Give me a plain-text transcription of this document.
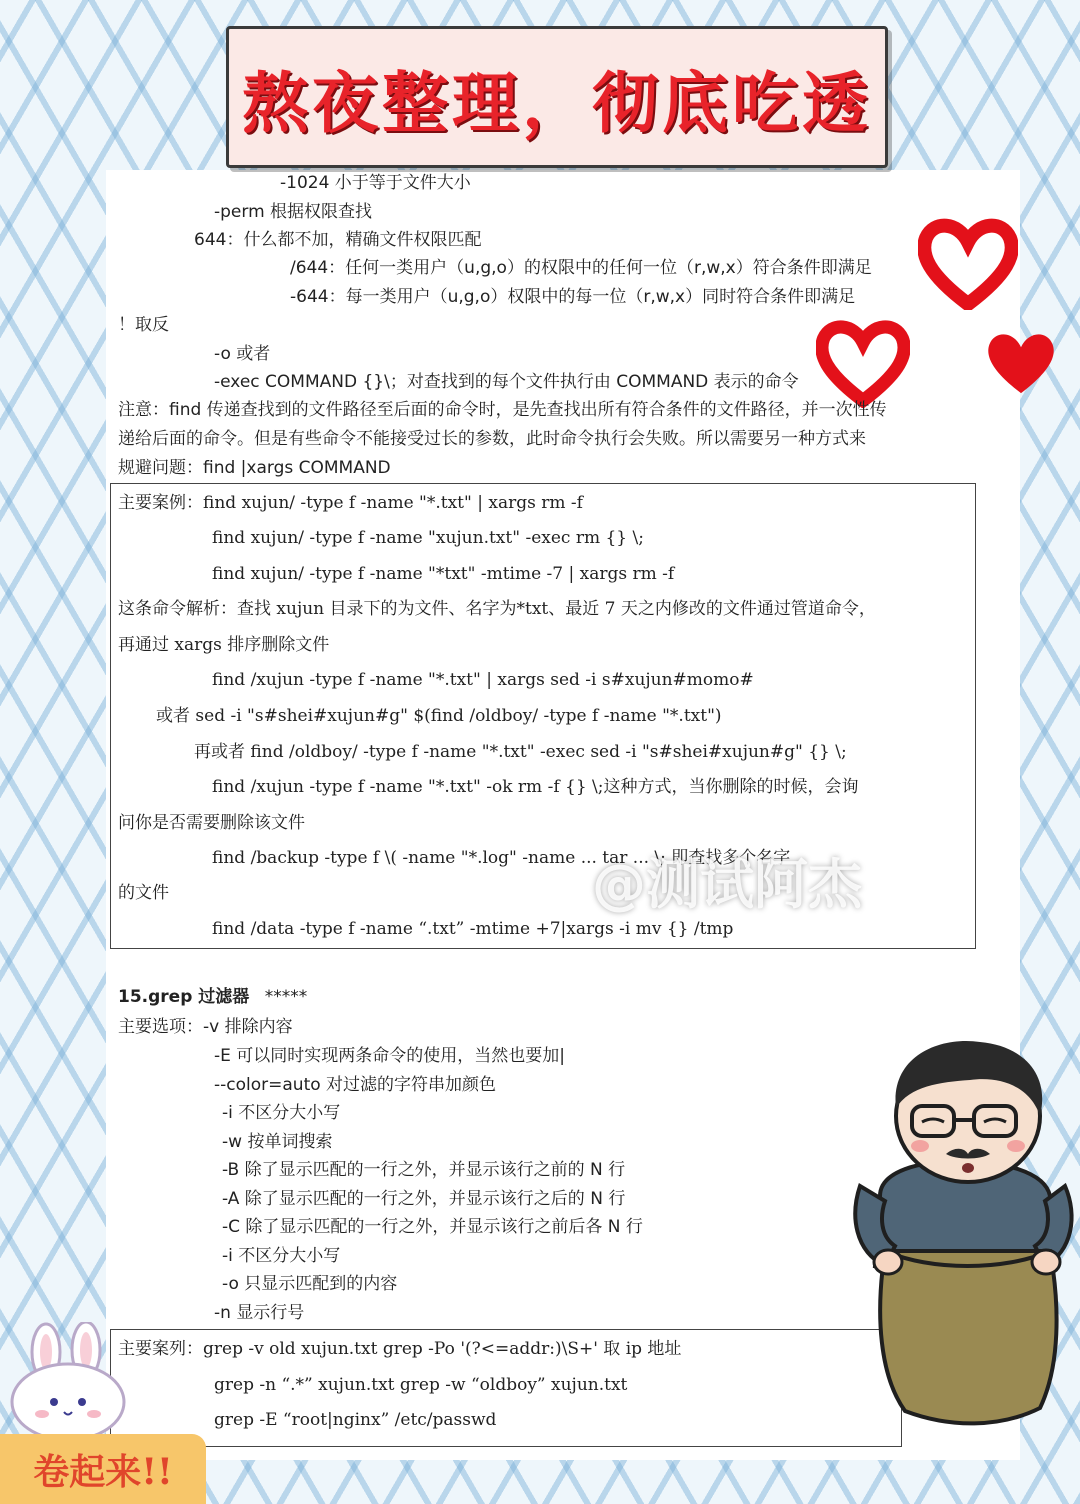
熬夜整理，彻底吃透
-1024 小于等于文件大小
-perm 根据权限查找
644：什么都不加，精确文件权限匹配
/644：任何一类用户（u,g,o）的权限中的任何一位（r,w,x）符合条件即满足
-644：每一类用户（u,g,o）权限中的每一位（r,w,x）同时符合条件即满足
！取反
-o 或者
-exec COMMAND {}\；对查找到的每个文件执行由 COMMAND 表示的命令
注意：find 传递查找到的文件路径至后面的命令时，是先查找出所有符合条件的文件路径，并一次性传
递给后面的命令。但是有些命令不能接受过长的参数，此时命令执行会失败。所以需要另一种方式来
规避问题：find |xargs COMMAND
主要案例：find xujun/ -type f -name "*.txt" | xargs rm -f
find xujun/ -type f -name "xujun.txt" -exec rm {} \;
find xujun/ -type f -name "*txt" -mtime -7 | xargs rm -f
这条命令解析：查找 xujun 目录下的为文件、名字为*txt、最近 7 天之内修改的文件通过管道命令，
再通过 xargs 排序删除文件
find /xujun -type f -name "*.txt" | xargs sed -i s#xujun#momo#
或者 sed -i "s#shei#xujun#g" $(find /oldboy/ -type f -name "*.txt")
再或者 find /oldboy/ -type f -name "*.txt" -exec sed -i "s#shei#xujun#g" {} \;
find /xujun -type f -name "*.txt" -ok rm -f {} \;这种方式，当你删除的时候，会询
问你是否需要删除该文件
find /backup -type f \( -name "*.log" -name ... tar ... \; 即查找多个名字
的文件
find /data -type f -name “.txt” -mtime +7|xargs -i mv {} /tmp
@测试阿杰
15.grep 过滤器 *****
主要选项：-v 排除内容
-E 可以同时实现两条命令的使用，当然也要加|
--color=auto 对过滤的字符串加颜色
-i 不区分大小写
-w 按单词搜索
-B 除了显示匹配的一行之外，并显示该行之前的 N 行
-A 除了显示匹配的一行之外，并显示该行之后的 N 行
-C 除了显示匹配的一行之外，并显示该行之前后各 N 行
-i 不区分大小写
-o 只显示匹配到的内容
-n 显示行号
主要案列：grep -v old xujun.txt grep -Po '(?<=addr:)\S+' 取 ip 地址
grep -n “.*” xujun.txt grep -w “oldboy” xujun.txt
grep -E “root|nginx” /etc/passwd
卷起来!!
